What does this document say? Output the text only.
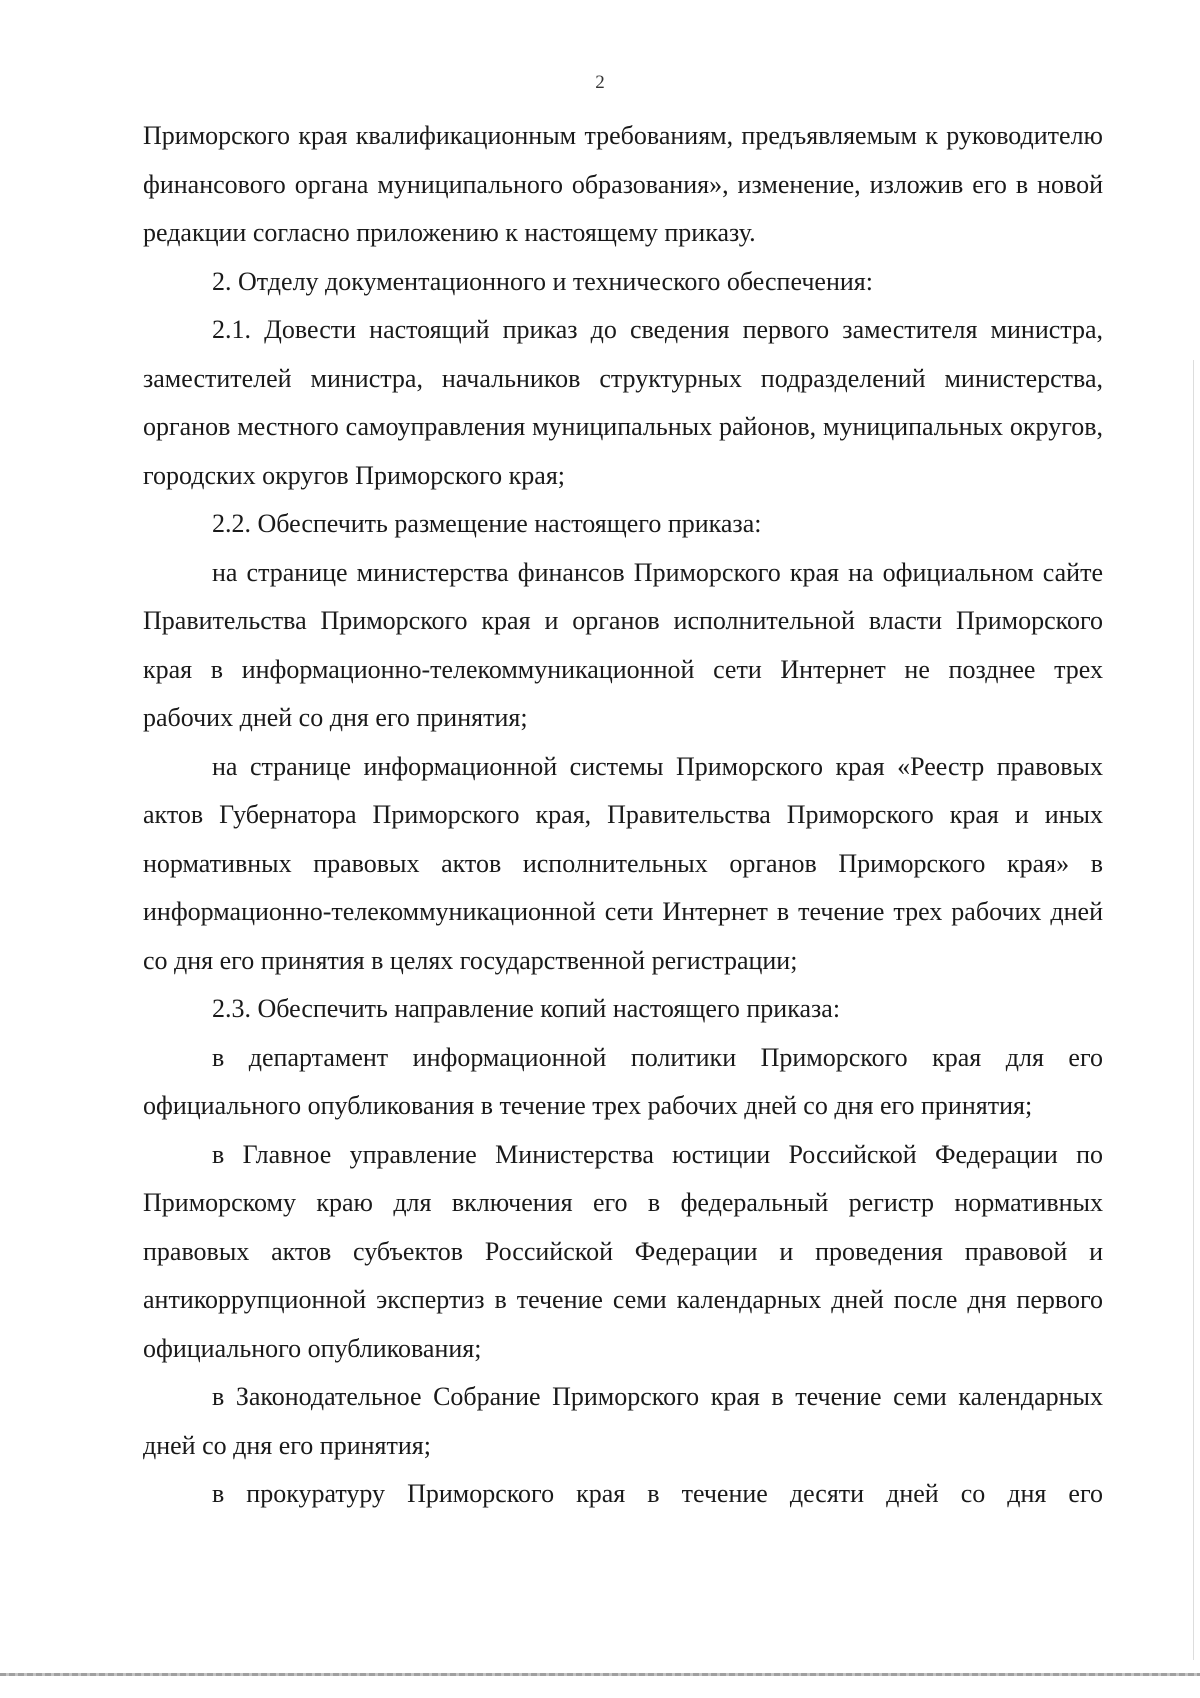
2

Приморского края квалификационным требованиям, предъявляемым к руководителю финансового органа муниципального образования», изменение, изложив его в новой редакции согласно приложению к настоящему приказу.

2. Отделу документационного и технического обеспечения:

2.1. Довести настоящий приказ до сведения первого заместителя министра, заместителей министра, начальников структурных подразделений министерства, органов местного самоуправления муниципальных районов, муниципальных округов, городских округов Приморского края;

2.2. Обеспечить размещение настоящего приказа:

на странице министерства финансов Приморского края на официальном сайте Правительства Приморского края и органов исполнительной власти Приморского края в информационно-телекоммуникационной сети Интернет не позднее трех рабочих дней со дня его принятия;

на странице информационной системы Приморского края «Реестр правовых актов Губернатора Приморского края, Правительства Приморского края и иных нормативных правовых актов исполнительных органов Приморского края» в информационно-телекоммуникационной сети Интернет в течение трех рабочих дней со дня его принятия в целях государственной регистрации;

2.3. Обеспечить направление копий настоящего приказа:

в департамент информационной политики Приморского края для его официального опубликования в течение трех рабочих дней со дня его принятия;

в Главное управление Министерства юстиции Российской Федерации по Приморскому краю для включения его в федеральный регистр нормативных правовых актов субъектов Российской Федерации и проведения правовой и антикоррупционной экспертиз в течение семи календарных дней после дня первого официального опубликования;

в Законодательное Собрание Приморского края в течение семи календарных дней со дня его принятия;

в прокуратуру Приморского края в течение десяти дней со дня его
